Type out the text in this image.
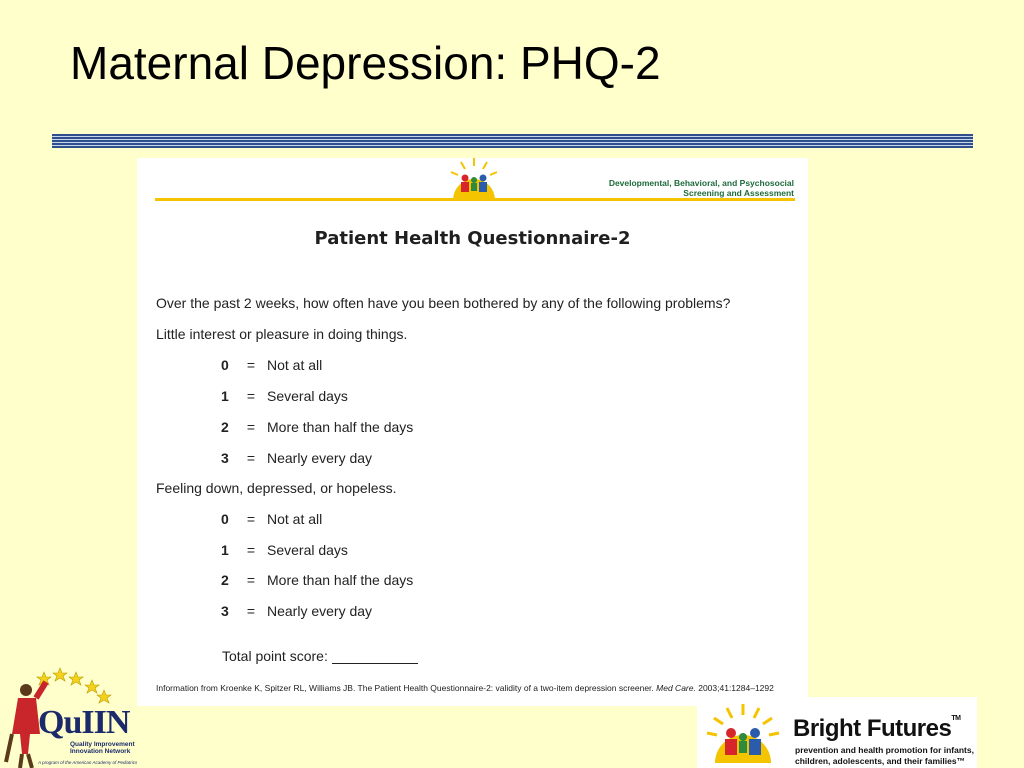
Maternal Depression: PHQ-2
Developmental, Behavioral, and Psychosocial
Screening and Assessment
Patient Health Questionnaire-2
Over the past 2 weeks, how often have you been bothered by any of the following problems?
Little interest or pleasure in doing things.
0 = Not at all
1 = Several days
2 = More than half the days
3 = Nearly every day
Feeling down, depressed, or hopeless.
0 = Not at all
1 = Several days
2 = More than half the days
3 = Nearly every day
Total point score:
Information from Kroenke K, Spitzer RL, Williams JB. The Patient Health Questionnaire-2: validity of a two-item depression screener. Med Care. 2003;41:1284–1292
QuIIN
Quality Improvement
Innovation Network
A program of the American Academy of Pediatrics
Bright Futures™
prevention and health promotion for infants,
children, adolescents, and their families™
